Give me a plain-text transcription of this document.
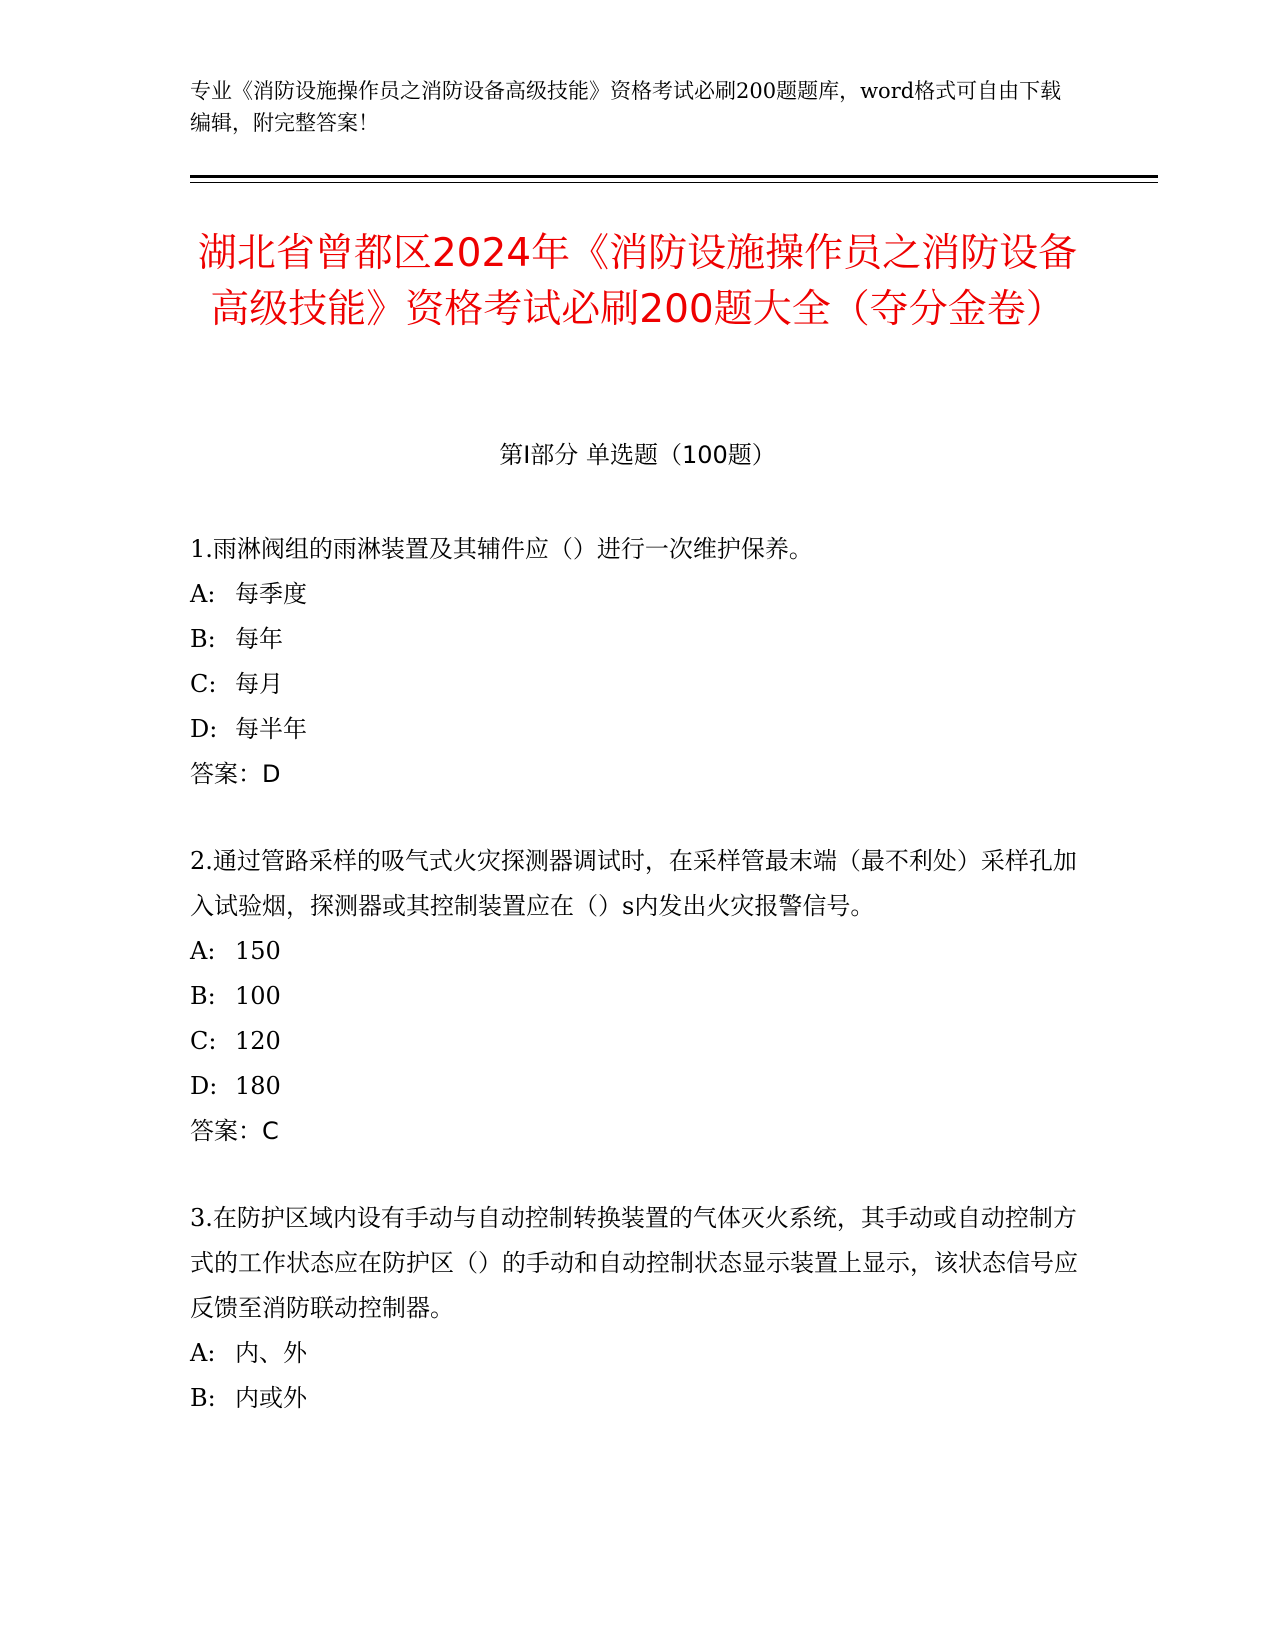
专业《消防设施操作员之消防设备高级技能》资格考试必刷200题题库，word格式可自由下载编辑，附完整答案！
湖北省曾都区2024年《消防设施操作员之消防设备高级技能》资格考试必刷200题大全（夺分金卷）
第Ⅰ部分 单选题（100题）

1.雨淋阀组的雨淋装置及其辅件应（）进行一次维护保养。

A: 每季度

B: 每年

C: 每月

D: 每半年

答案：D

2.通过管路采样的吸气式火灾探测器调试时，在采样管最末端（最不利处）采样孔加入试验烟，探测器或其控制装置应在（）s内发出火灾报警信号。

A: 150

B: 100

C: 120

D: 180

答案：C

3.在防护区域内设有手动与自动控制转换装置的气体灭火系统，其手动或自动控制方式的工作状态应在防护区（）的手动和自动控制状态显示装置上显示，该状态信号应反馈至消防联动控制器。

A: 内、外

B: 内或外
